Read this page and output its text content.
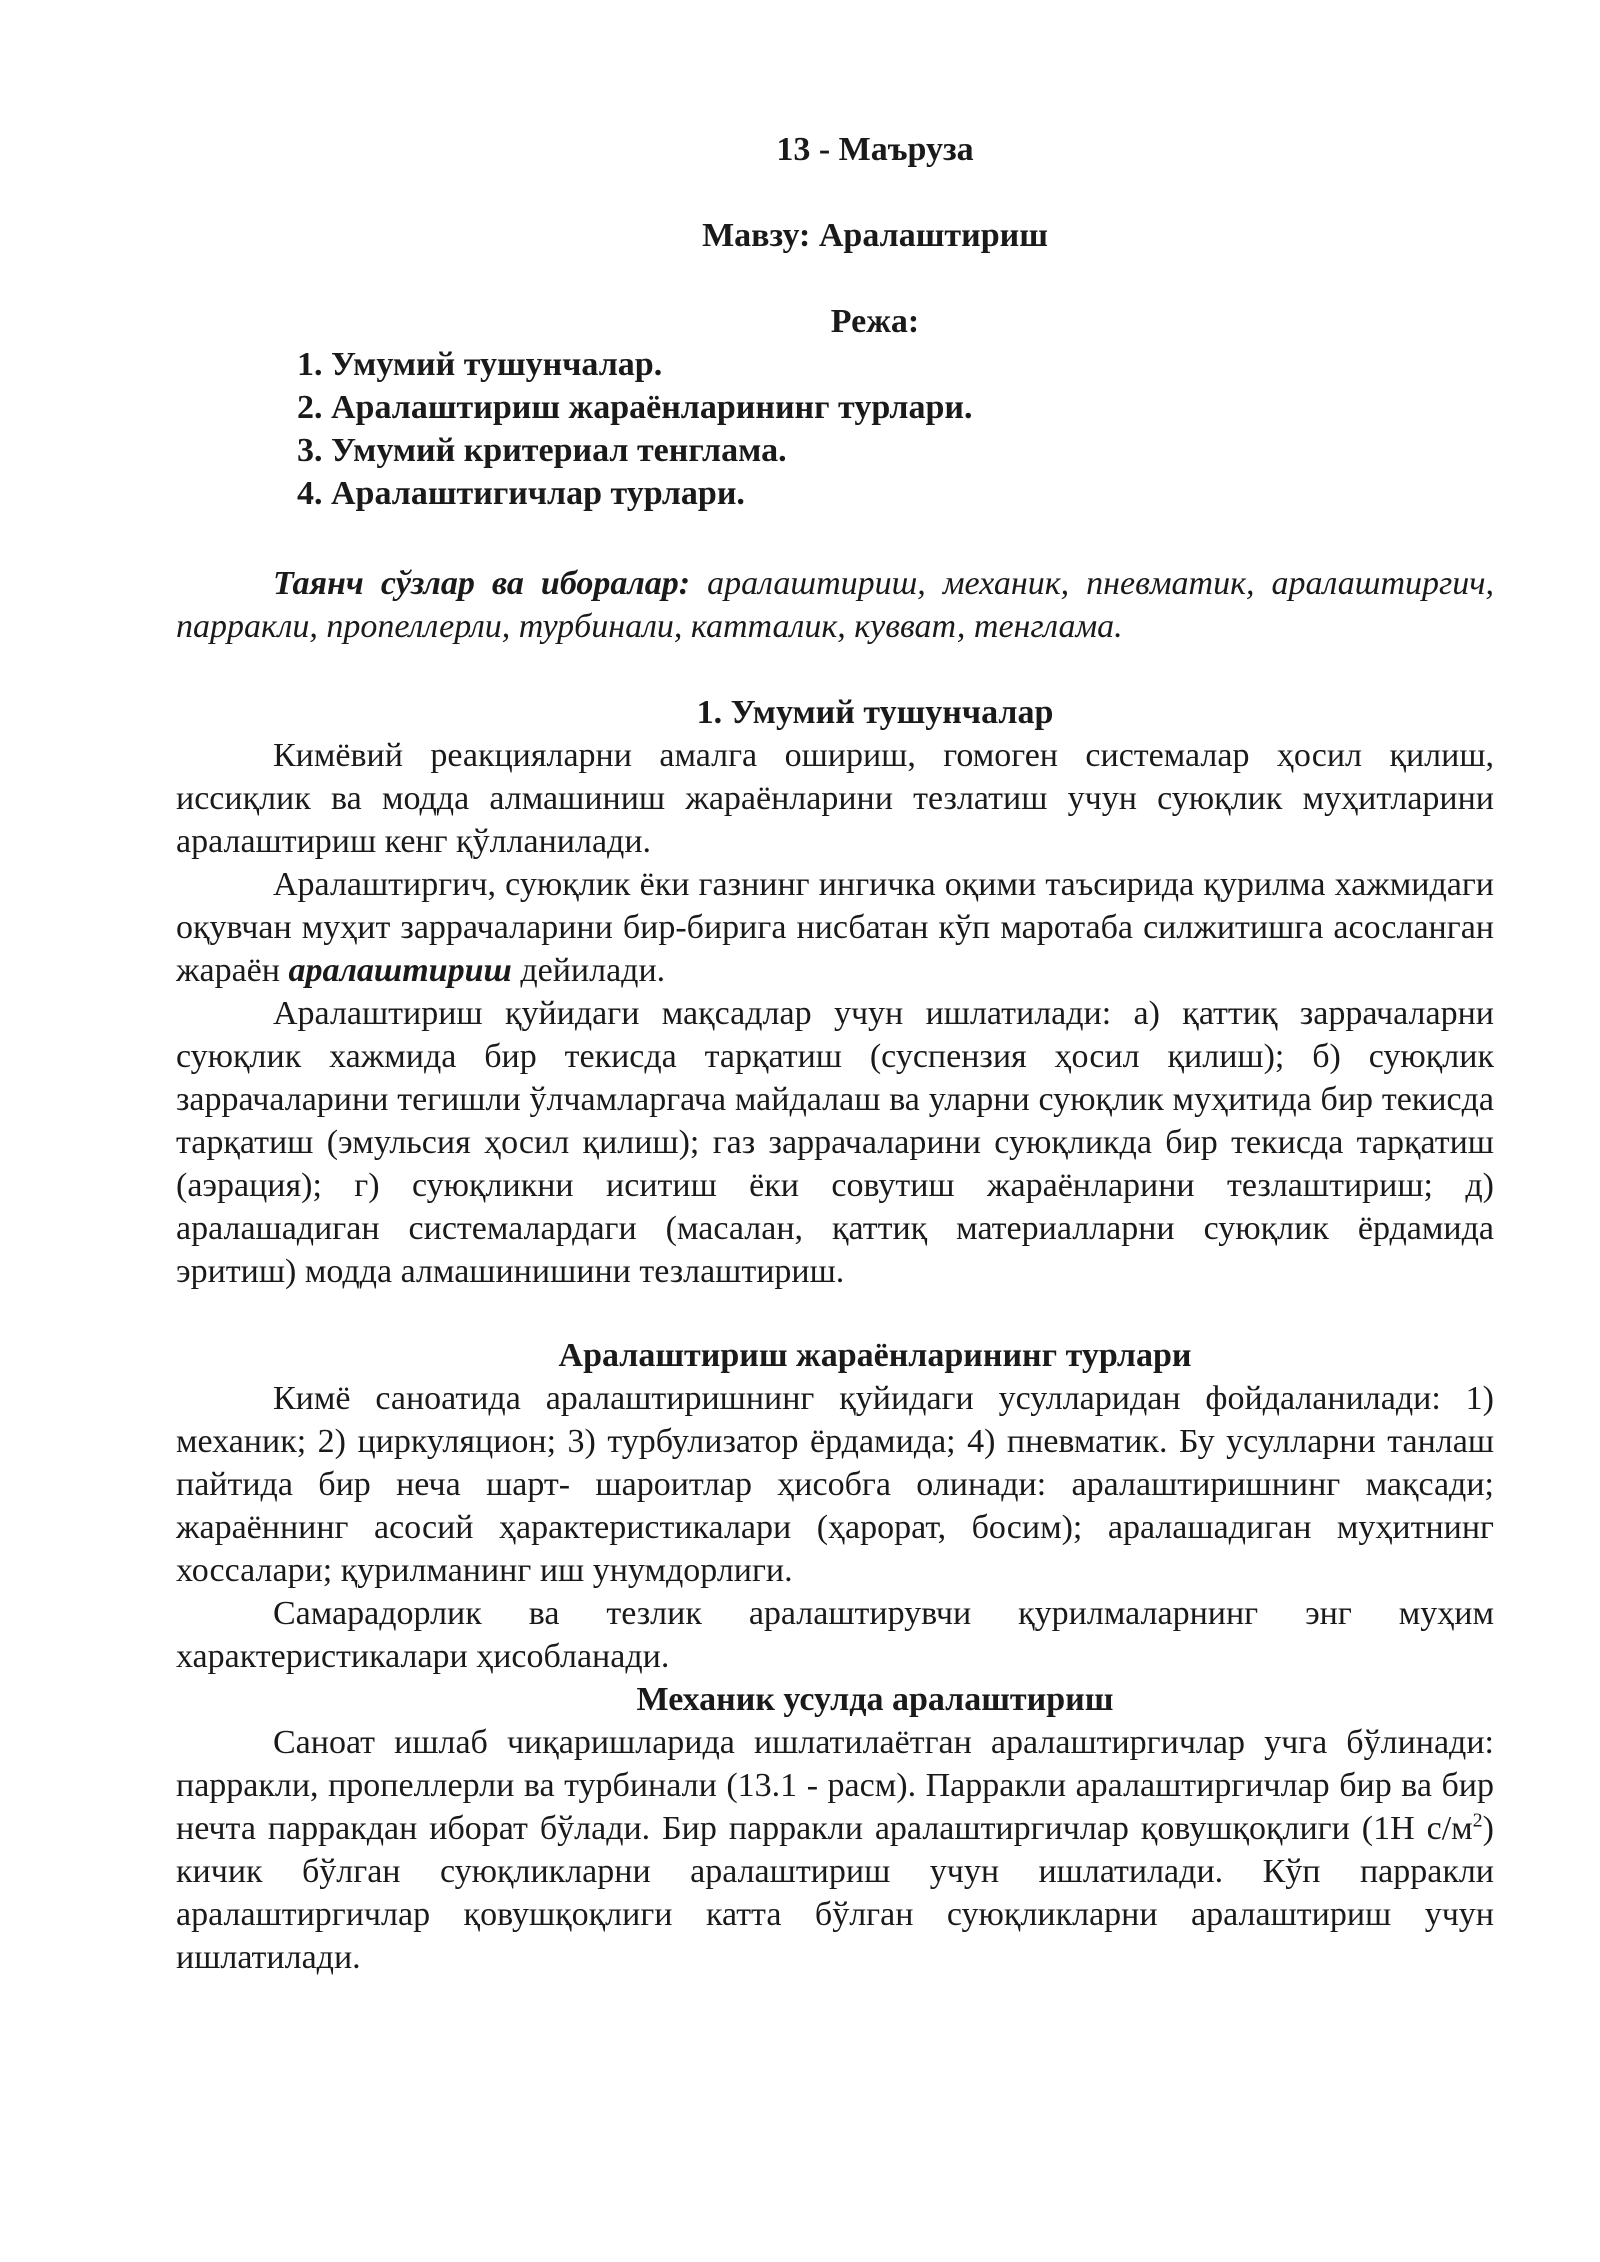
13 - Маъруза
Мавзу: Аралаштириш
Режа:
1. Умумий тушунчалар.
2. Аралаштириш жараёнларининг турлари.
3. Умумий критериал тенглама.
4. Аралаштигичлар турлари.
Таянч сўзлар ва иборалар: аралаштириш, механик, пневматик, аралаштиргич, парракли, пропеллерли, турбинали, катталик, кувват, тенглама.
1. Умумий тушунчалар

Кимёвий реакцияларни амалга ошириш, гомоген системалар ҳосил қилиш, иссиқлик ва модда алмашиниш жараёнларини тезлатиш учун суюқлик муҳитларини аралаштириш кенг қўлланилади.

Аралаштиргич, суюқлик ёки газнинг ингичка оқими таъсирида қурилма хажмидаги оқувчан муҳит заррачаларини бир-бирига нисбатан кўп маротаба силжитишга асосланган жараён аралаштириш дейилади.

Аралаштириш қуйидаги мақсадлар учун ишлатилади: а) қаттиқ заррачаларни суюқлик хажмида бир текисда тарқатиш (суспензия ҳосил қилиш); б) суюқлик заррачаларини тегишли ўлчамларгача майдалаш ва уларни суюқлик муҳитида бир текисда тарқатиш (эмульсия ҳосил қилиш); газ заррачаларини суюқликда бир текисда тарқатиш (аэрация); г) суюқликни иситиш ёки совутиш жараёнларини тезлаштириш; д) аралашадиган системалардаги (масалан, қаттиқ материалларни суюқлик ёрдамида эритиш) модда алмашинишини тезлаштириш.

Аралаштириш жараёнларининг турлари

Кимё саноатида аралаштиришнинг қуйидаги усулларидан фойдаланилади: 1) механик; 2) циркуляцион; 3) турбулизатор ёрдамида; 4) пневматик. Бу усулларни танлаш пайтида бир неча шарт- шароитлар ҳисобга олинади: аралаштиришнинг мақсади; жараённинг асосий ҳарактеристикалари (ҳарорат, босим); аралашадиган муҳитнинг хоссалари; қурилманинг иш унумдорлиги.

Самарадорлик ва тезлик аралаштирувчи қурилмаларнинг энг муҳим характеристикалари ҳисобланади.

Механик усулда аралаштириш

Саноат ишлаб чиқаришларида ишлатилаётган аралаштиргичлар учга бўлинади: парракли, пропеллерли ва турбинали (13.1 - расм). Парракли аралаштиргичлар бир ва бир нечта парракдан иборат бўлади. Бир парракли аралаштиргичлар қовушқоқлиги (1Н $с/м^2$) кичик бўлган суюқликларни аралаштириш учун ишлатилади. Кўп парракли аралаштиргичлар қовушқоқлиги катта бўлган суюқликларни аралаштириш учун ишлатилади.
